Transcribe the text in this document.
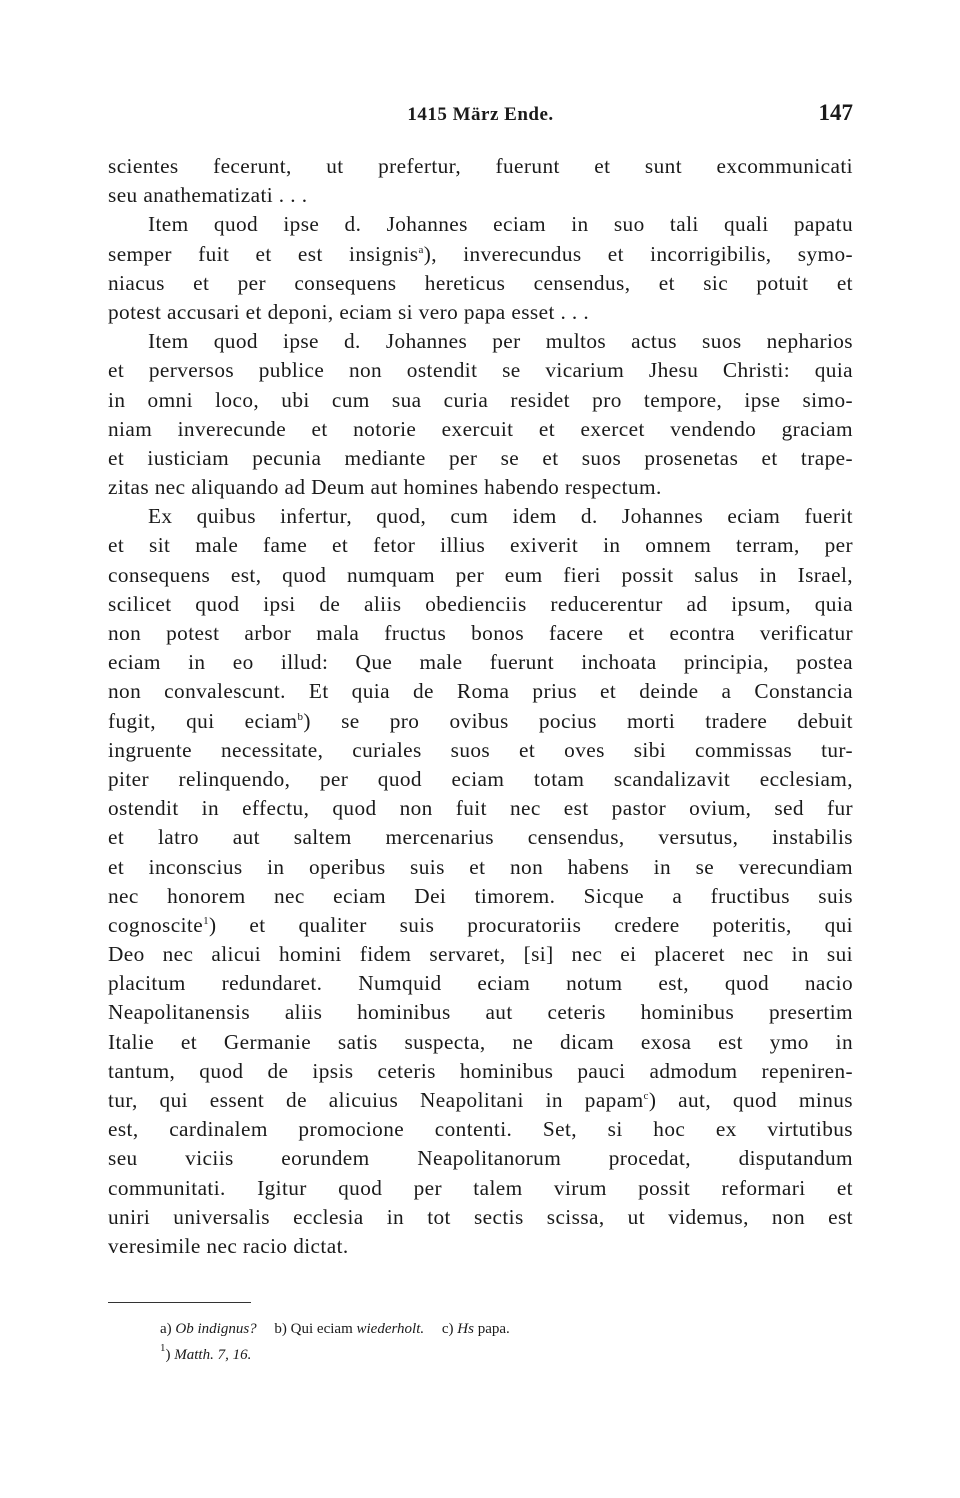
1415 März Ende.	147
scientes fecerunt, ut prefertur, fuerunt et sunt excommunicati
seu anathematizati . . .
Item quod ipse d. Johannes eciam in suo tali quali papatu
semper fuit et est insignis$^a$), inverecundus et incorrigibilis, symo-
niacus et per consequens hereticus censendus, et sic potuit et
potest accusari et deponi, eciam si vero papa esset . . .
Item quod ipse d. Johannes per multos actus suos nepharios
et perversos publice non ostendit se vicarium Jhesu Christi: quia
in omni loco, ubi cum sua curia residet pro tempore, ipse simo-
niam inverecunde et notorie exercuit et exercet vendendo graciam
et iusticiam pecunia mediante per se et suos prosenetas et trape-
zitas nec aliquando ad Deum aut homines habendo respectum.
Ex quibus infertur, quod, cum idem d. Johannes eciam fuerit
et sit male fame et fetor illius exiverit in omnem terram, per
consequens est, quod numquam per eum fieri possit salus in Israel,
scilicet quod ipsi de aliis obedienciis reducerentur ad ipsum, quia
non potest arbor mala fructus bonos facere et econtra verificatur
eciam in eo illud: Que male fuerunt inchoata principia, postea
non convalescunt. Et quia de Roma prius et deinde a Constancia
fugit, qui eciam$^b$) se pro ovibus pocius morti tradere debuit
ingruente necessitate, curiales suos et oves sibi commissas tur-
piter relinquendo, per quod eciam totam scandalizavit ecclesiam,
ostendit in effectu, quod non fuit nec est pastor ovium, sed fur
et latro aut saltem mercenarius censendus, versutus, instabilis
et inconscius in operibus suis et non habens in se verecundiam
nec honorem nec eciam Dei timorem. Sicque a fructibus suis
cognoscite$^1$) et qualiter suis procuratoriis credere poteritis, qui
Deo nec alicui homini fidem servaret, [si] nec ei placeret nec in sui
placitum redundaret. Numquid eciam notum est, quod nacio
Neapolitanensis aliis hominibus aut ceteris hominibus presertim
Italie et Germanie satis suspecta, ne dicam exosa est ymo in
tantum, quod de ipsis ceteris hominibus pauci admodum repeniren-
tur, qui essent de alicuius Neapolitani in papam$^c$) aut, quod minus
est, cardinalem promocione contenti. Set, si hoc ex virtutibus
seu viciis eorundem Neapolitanorum procedat, disputandum
communitati. Igitur quod per talem virum possit reformari et
uniri universalis ecclesia in tot sectis scissa, ut videmus, non est
veresimile nec racio dictat.
a) Ob indignus? b) Qui eciam wiederholt. c) Hs papa.
$^1$) Matth. 7, 16.
